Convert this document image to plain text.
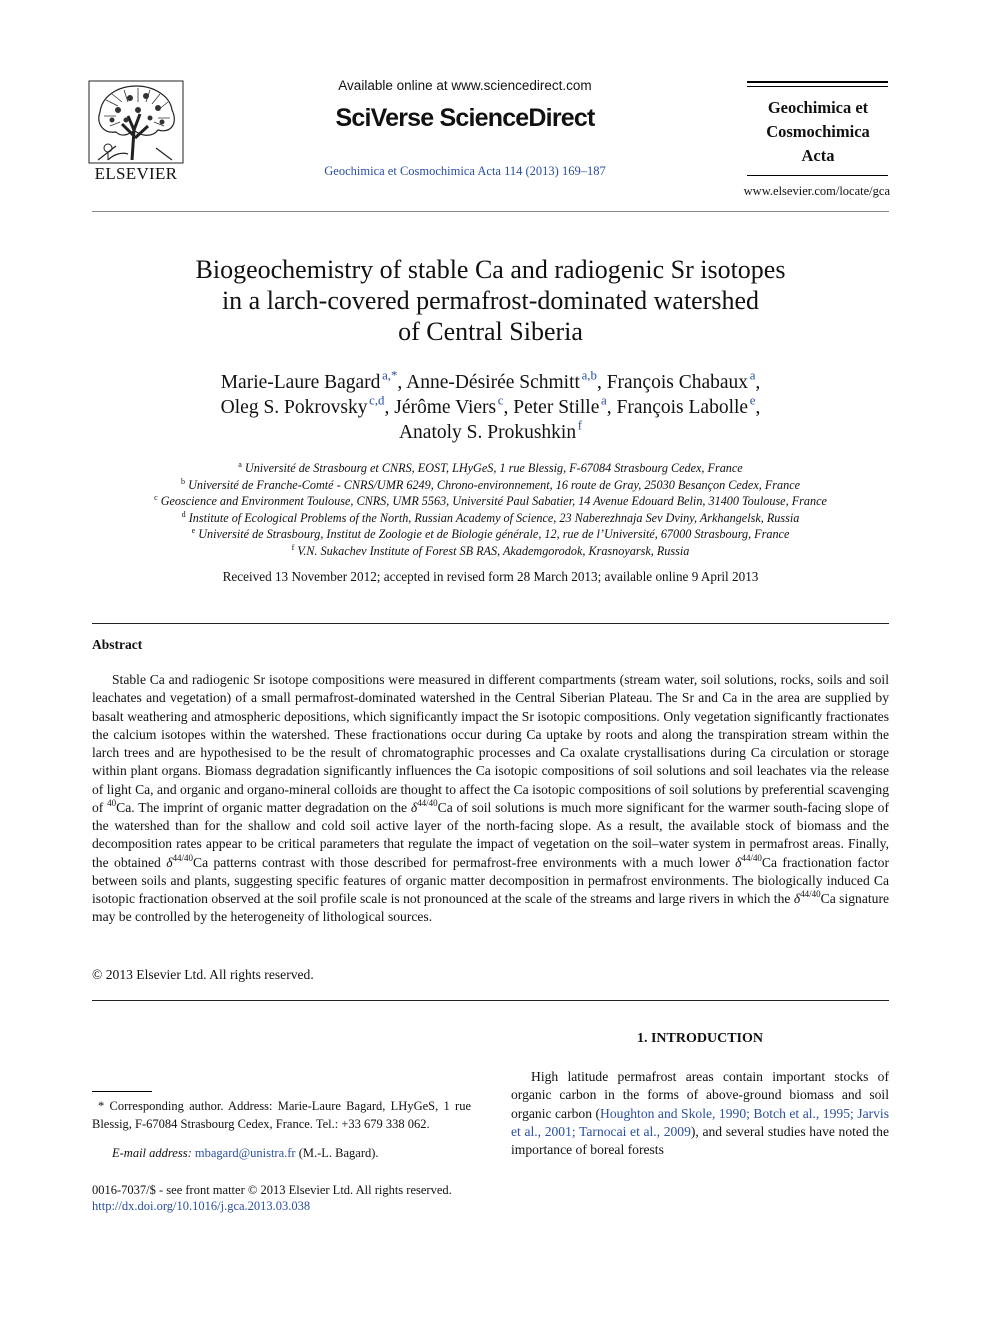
ELSEVIER
Available online at www.sciencedirect.com
SciVerse ScienceDirect
Geochimica et Cosmochimica Acta 114 (2013) 169–187
Geochimica et
Cosmochimica
Acta
www.elsevier.com/locate/gca
Biogeochemistry of stable Ca and radiogenic Sr isotopes
in a larch-covered permafrost-dominated watershed
of Central Siberia
Marie-Laure Bagard  $^{a,*}$, Anne-Désirée Schmitt  $^{a,b}$, François Chabaux  $^a$,
Oleg S. Pokrovsky  $^{c,d}$, Jérôme Viers  $^c$, Peter Stille  $^a$, François Labolle  $^e$,
Anatoly S. Prokushkin  $^f$
$^a$ Université de Strasbourg et CNRS, EOST, LHyGeS, 1 rue Blessig, F-67084 Strasbourg Cedex, France
$^b$ Université de Franche-Comté - CNRS/UMR 6249, Chrono-environnement, 16 route de Gray, 25030 Besançon Cedex, France
$^c$ Geoscience and Environment Toulouse, CNRS, UMR 5563, Université Paul Sabatier, 14 Avenue Edouard Belin, 31400 Toulouse, France
$^d$ Institute of Ecological Problems of the North, Russian Academy of Science, 23 Naberezhnaja Sev Dviny, Arkhangelsk, Russia
$^e$ Université de Strasbourg, Institut de Zoologie et de Biologie générale, 12, rue de l’Université, 67000 Strasbourg, France
$^f$ V.N. Sukachev Institute of Forest SB RAS, Akademgorodok, Krasnoyarsk, Russia
Received 13 November 2012; accepted in revised form 28 March 2013; available online 9 April 2013
Abstract
Stable Ca and radiogenic Sr isotope compositions were measured in different compartments (stream water, soil solutions, rocks, soils and soil leachates and vegetation) of a small permafrost-dominated watershed in the Central Siberian Plateau. The Sr and Ca in the area are supplied by basalt weathering and atmospheric depositions, which significantly impact the Sr isotopic compositions. Only vegetation significantly fractionates the calcium isotopes within the watershed. These fractionations occur during Ca uptake by roots and along the transpiration stream within the larch trees and are hypothesised to be the result of chromatographic processes and Ca oxalate crystallisations during Ca circulation or storage within plant organs. Biomass degradation significantly influences the Ca isotopic compositions of soil solutions and soil leachates via the release of light Ca, and organic and organo-mineral colloids are thought to affect the Ca isotopic compositions of soil solutions by preferential scavenging of $^{40}$Ca. The imprint of organic matter degradation on the $\delta^{44/40}Ca$ of soil solutions is much more significant for the warmer south-facing slope of the watershed than for the shallow and cold soil active layer of the north-facing slope. As a result, the available stock of biomass and the decomposition rates appear to be critical parameters that regulate the impact of vegetation on the soil–water system in permafrost areas. Finally, the obtained $\delta^{44/40}Ca$ patterns contrast with those described for permafrost-free environments with a much lower $\delta^{44/40}Ca$ fractionation factor between soils and plants, suggesting specific features of organic matter decomposition in permafrost environments. The biologically induced Ca isotopic fractionation observed at the soil profile scale is not pronounced at the scale of the streams and large rivers in which the $\delta^{44/40}Ca$ signature may be controlled by the heterogeneity of lithological sources.
© 2013 Elsevier Ltd. All rights reserved.
1. INTRODUCTION
High latitude permafrost areas contain important stocks of organic carbon in the forms of above-ground biomass and soil organic carbon (Houghton and Skole, 1990; Botch et al., 1995; Jarvis et al., 2001; Tarnocai et al., 2009), and several studies have noted the importance of boreal forests
* Corresponding author. Address: Marie-Laure Bagard, LHyGeS, 1 rue Blessig, F-67084 Strasbourg Cedex, France. Tel.: +33 679 338 062.
E-mail address: mbagard@unistra.fr (M.-L. Bagard).
0016-7037/$ - see front matter © 2013 Elsevier Ltd. All rights reserved.
http://dx.doi.org/10.1016/j.gca.2013.03.038
